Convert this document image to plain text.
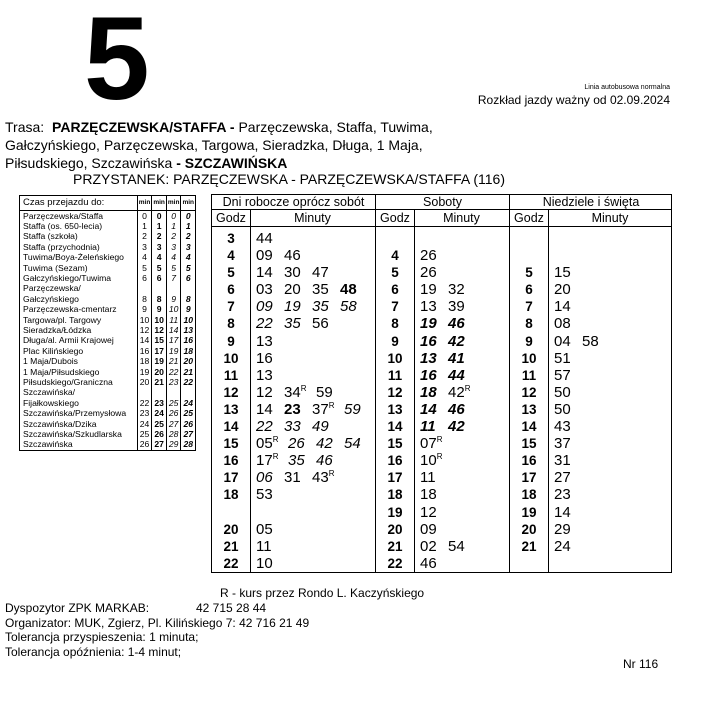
5	Linia autobusowa normalna
Rozkład jazdy ważny od 02.09.2024
Trasa: PARZĘCZEWSKA/STAFFA - Parzęczewska, Staffa, Tuwima,
Gałczyńskiego, Parzęczewska, Targowa, Sieradzka, Długa, 1 Maja,
Piłsudskiego, Szczawińska - SZCZAWIŃSKA
PRZYSTANEK: PARZĘCZEWSKA - PARZĘCZEWSKA/STAFFA (116)
Czas przejazdu do:	min	min	min	min
Parzęczewska/Staffa	0	0	0	0
Staffa (os. 650-lecia)	1	1	1	1
Staffa (szkoła)	2	2	2	2
Staffa (przychodnia)	3	3	3	3
Tuwima/Boya-Żeleńskiego	4	4	4	4
Tuwima (Sezam)	5	5	5	5
Gałczyńskiego/Tuwima	6	6	7	6
Parzęczewska/				
Gałczyńskiego	8	8	9	8
Parzęczewska-cmentarz	9	9	10	9
Targowa/pl. Targowy	10	10	11	10
Sieradzka/Łódzka	12	12	14	13
Długa/al. Armii Krajowej	14	15	17	16
Plac Kilińskiego	16	17	19	18
1 Maja/Dubois	18	19	21	20
1 Maja/Piłsudskiego	19	20	22	21
Piłsudskiego/Graniczna	20	21	23	22
Szczawińska/				
Fijałkowskiego	22	23	25	24
Szczawińska/Przemysłowa	23	24	26	25
Szczawińska/Dzika	24	25	27	26
Szczawińska/Szkudlarska	25	26	28	27
Szczawińska	26	27	29	28
Dni robocze oprócz sobót
Godz	Minuty
3	44
4	09 46
5	14 30 47
6	03 20 35 48
7	09 19 35 58
8	22 35 56
9	13
10	16
11	13
12	12 $34^R$ 59
13	14 23 $37^R$ 59
14	22 33 49
15	$05^R$ 26 42 54
16	$17^R$ 35 46
17	06 31 $43^R$
18	53
20	05
21	11
22	10
Soboty
Godz	Minuty
4	26
5	26
6	19 32
7	13 39
8	19 46
9	16 42
10	13 41
11	16 44
12	18 $42^R$
13	14 46
14	11 42
15	$07^R$
16	$10^R$
17	11
18	18
19	12
20	09
21	02 54
22	46
Niedziele i święta
Godz	Minuty
5	15
6	20
7	14
8	08
9	04 58
10	51
11	57
12	50
13	50
14	43
15	37
16	31
17	27
18	23
19	14
20	29
21	24
R - kurs przez Rondo L. Kaczyńskiego
Dyspozytor ZPK MARKAB:	42 715 28 44
Organizator: MUK, Zgierz, Pl. Kilińskiego 7: 42 716 21 49
Tolerancja przyspieszenia: 1 minuta;
Tolerancja opóźnienia: 1-4 minut;
Nr 116
